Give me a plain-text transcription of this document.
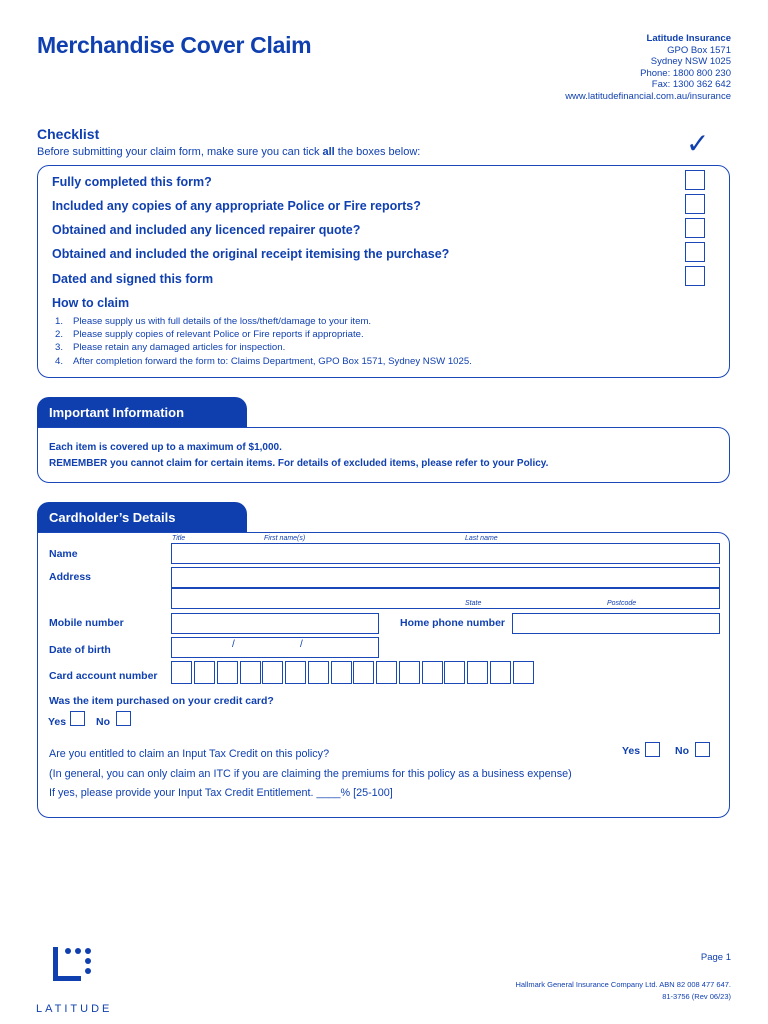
Merchandise Cover Claim	Latitude Insurance
GPO Box 1571
Sydney NSW 1025
Phone: 1800 800 230
Fax: 1300 362 642
www.latitudefinancial.com.au/insurance
Checklist
Before submitting your claim form, make sure you can tick all the boxes below:	✓
Fully completed this form?
Included any copies of any appropriate Police or Fire reports?
Obtained and included any licenced repairer quote?
Obtained and included the original receipt itemising the purchase?
Dated and signed this form
How to claim
1. Please supply us with full details of the loss/theft/damage to your item.
2. Please supply copies of relevant Police or Fire reports if appropriate.
3. Please retain any damaged articles for inspection.
4. After completion forward the form to: Claims Department, GPO Box 1571, Sydney NSW 1025.
Important Information
Each item is covered up to a maximum of $1,000.
REMEMBER you cannot claim for certain items. For details of excluded items, please refer to your Policy.
Cardholder’s Details
Title	First name(s)	Last name
Name
Address
State	Postcode
Mobile number	Home phone number
Date of birth	/	/
Card account number
Was the item purchased on your credit card?
Yes	No
Are you entitled to claim an Input Tax Credit on this policy?	Yes	No
(In general, you can only claim an ITC if you are claiming the premiums for this policy as a business expense)
If yes, please provide your Input Tax Credit Entitlement. ____% [25-100]
LATITUDE
Page 1
Hallmark General Insurance Company Ltd. ABN 82 008 477 647.
81-3756 (Rev 06/23)
